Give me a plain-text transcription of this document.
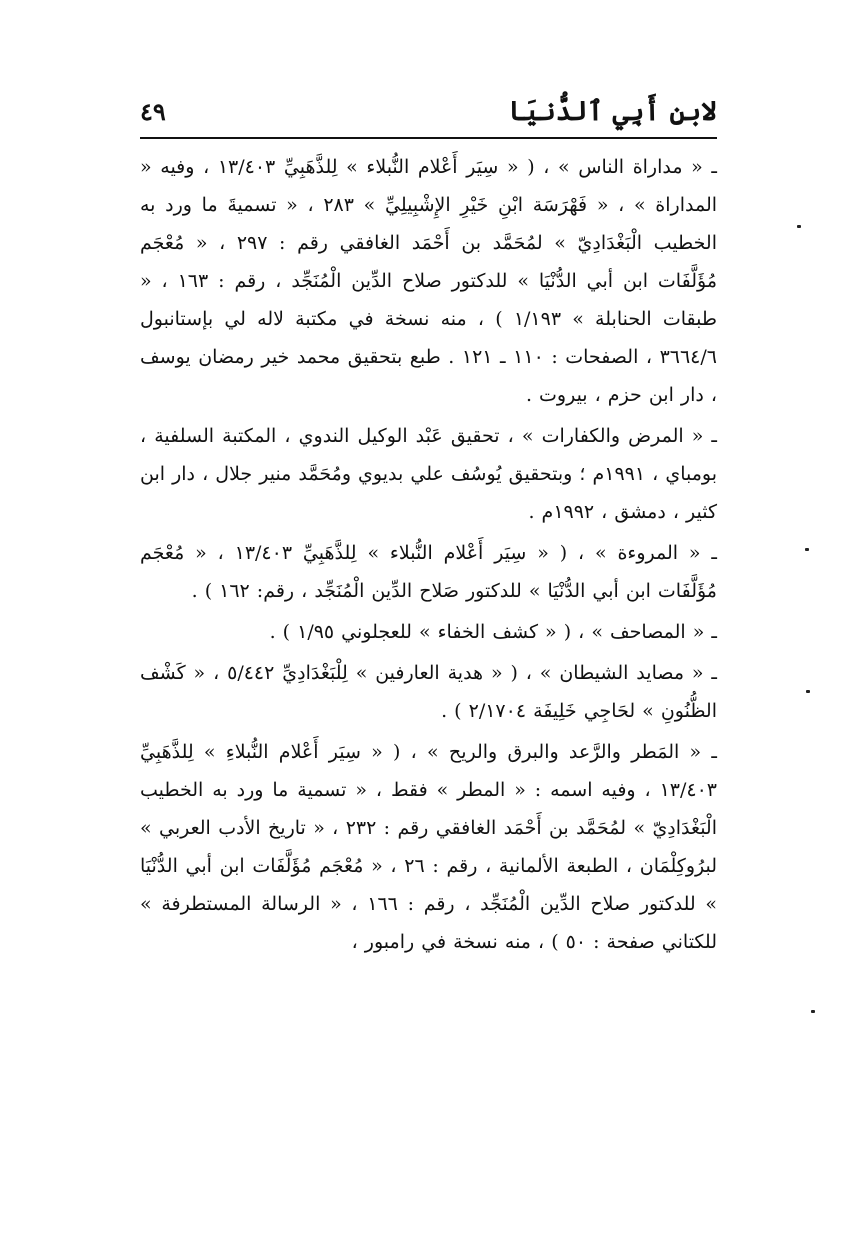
لابنِ أَبِي ٱلدُّنيَا
٤٩

ـ « مداراة الناس » ، ( « سِيَر أَعْلام النُّبلاء » لِلذَّهَبِيِّ ١٣/٤٠٣ ، وفيه « المداراة » ، « فَهْرَسَة ابْنِ خَيْرِ الإِشْبِيلِيِّ » ٢٨٣ ، « تسميةَ ما ورد به الخطيب الْبَغْدَادِيّ » لمُحَمَّد بن أَحْمَد الغافقي رقم : ٢٩٧ ، « مُعْجَم مُؤَلَّفَات ابن أبي الدُّنْيَا » للدكتور صلاح الدِّين الْمُنَجِّد ، رقم : ١٦٣ ، « طبقات الحنابلة » ١/١٩٣ ) ، منه نسخة في مكتبة لاله لي بإستانبول ٣٦٦٤/٦ ، الصفحات : ١١٠ ـ ١٢١ . طبع بتحقيق محمد خير رمضان يوسف ، دار ابن حزم ، بيروت .

ـ « المرض والكفارات » ، تحقيق عَبْد الوكيل الندوي ، المكتبة السلفية ، بومباي ، ١٩٩١م ؛ وبتحقيق يُوسُف علي بديوي ومُحَمَّد منير جلال ، دار ابن كثير ، دمشق ، ١٩٩٢م .

ـ « المروءة » ، ( « سِيَر أَعْلام النُّبلاء » لِلذَّهَبِيِّ ١٣/٤٠٣ ، « مُعْجَم مُؤَلَّفَات ابن أبي الدُّنْيَا » للدكتور صَلاح الدِّين الْمُنَجِّد ، رقم: ١٦٢ ) .

ـ « المصاحف » ، ( « كشف الخفاء » للعجلوني ١/٩٥ ) .

ـ « مصايد الشيطان » ، ( « هدية العارفين » لِلْبَغْدَادِيِّ ٥/٤٤٢ ، « كَشْف الظُّنُونِ » لحَاجِي خَلِيفَة ٢/١٧٠٤ ) .

ـ « المَطر والرَّعد والبرق والريح » ، ( « سِيَر أَعْلام النُّبلاءِ » لِلذَّهَبِيِّ ١٣/٤٠٣ ، وفيه اسمه : « المطر » فقط ، « تسمية ما ورد به الخطيب الْبَغْدَادِيّ » لمُحَمَّد بن أَحْمَد الغافقي رقم : ٢٣٢ ، « تاريخ الأدب العربي » لبرُوكِلْمَان ، الطبعة الألمانية ، رقم : ٢٦ ، « مُعْجَم مُؤَلَّفَات ابن أبي الدُّنْيَا » للدكتور صلاح الدِّين الْمُنَجِّد ، رقم : ١٦٦ ، « الرسالة المستطرفة » للكتاني صفحة : ٥٠ ) ، منه نسخة في رامبور ،
